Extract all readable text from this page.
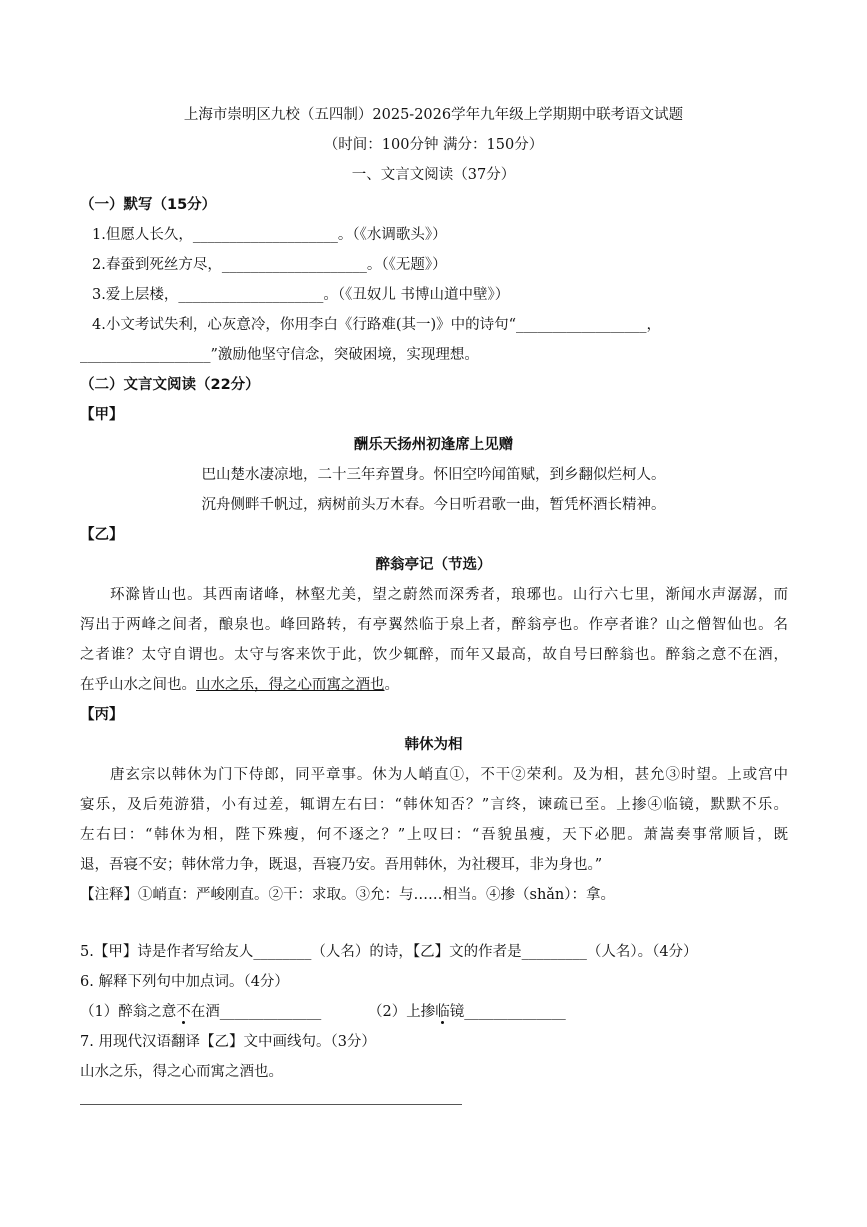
上海市崇明区九校（五四制）2025-2026学年九年级上学期期中联考语文试题
（时间：100分钟 满分：150分）
一、文言文阅读（37分）
（一）默写（15分）
1.但愿人长久，____________________。（《水调歌头》）
2.春蚕到死丝方尽，____________________。（《无题》）
3.爱上层楼，____________________。（《丑奴儿 书博山道中壁》）
4.小文考试失利，心灰意冷，你用李白《行路难(其一)》中的诗句“__________________，
__________________”激励他坚守信念，突破困境，实现理想。
（二）文言文阅读（22分）
【甲】
酬乐天扬州初逢席上见赠
巴山楚水凄凉地，二十三年弃置身。怀旧空吟闻笛赋，到乡翻似烂柯人。
沉舟侧畔千帆过，病树前头万木春。今日听君歌一曲，暂凭杯酒长精神。
【乙】
醉翁亭记（节选）
环滁皆山也。其西南诸峰，林壑尤美，望之蔚然而深秀者，琅琊也。山行六七里，渐闻水声潺潺，而
泻出于两峰之间者，酿泉也。峰回路转，有亭翼然临于泉上者，醉翁亭也。作亭者谁？山之僧智仙也。名
之者谁？太守自谓也。太守与客来饮于此，饮少辄醉，而年又最高，故自号曰醉翁也。醉翁之意不在酒，
在乎山水之间也。山水之乐，得之心而寓之酒也。
【丙】
韩休为相
唐玄宗以韩休为门下侍郎，同平章事。休为人峭直①，不干②荣利。及为相，甚允③时望。上或宫中
宴乐，及后苑游猎，小有过差，辄谓左右曰：“韩休知否？”言终，谏疏已至。上掺④临镜，默默不乐。
左右曰：“韩休为相，陛下殊瘦，何不逐之？”上叹曰：“吾貌虽瘦，天下必肥。萧嵩奏事常顺旨，既
退，吾寝不安；韩休常力争，既退，吾寝乃安。吾用韩休，为社稷耳，非为身也。”
【注释】①峭直：严峻刚直。②干：求取。③允：与……相当。④掺（shǎn）：拿。
5.【甲】诗是作者写给友人________（人名）的诗，【乙】文的作者是_________（人名）。（4分）
6. 解释下列句中加点词。（4分）
（1）醉翁之意不在酒______________	（2）上掺临镜______________
7. 用现代汉语翻译【乙】文中画线句。（3分）
山水之乐，得之心而寓之酒也。
